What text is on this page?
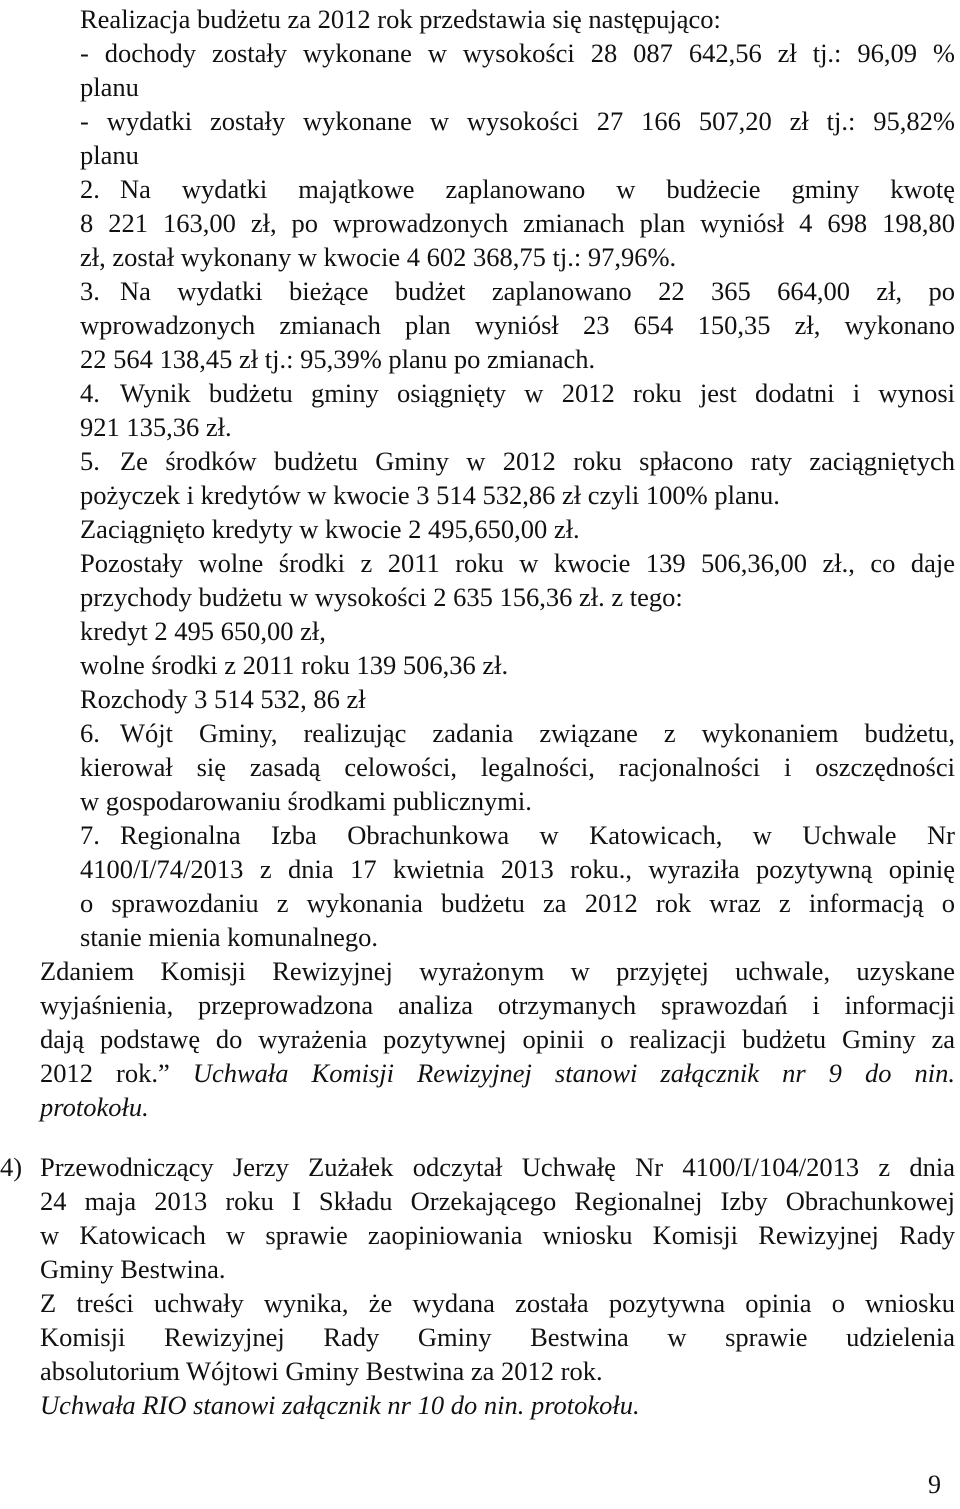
Realizacja budżetu za 2012 rok przedstawia się następująco:
- dochody zostały wykonane w wysokości 28 087 642,56 zł tj.: 96,09 %
planu
- wydatki zostały wykonane w wysokości 27 166 507,20 zł tj.: 95,82%
planu
2. Na wydatki majątkowe zaplanowano w budżecie gminy kwotę
8 221 163,00 zł, po wprowadzonych zmianach plan wyniósł 4 698 198,80
zł, został wykonany w kwocie 4 602 368,75 tj.: 97,96%.
3. Na wydatki bieżące budżet zaplanowano 22 365 664,00 zł, po
wprowadzonych zmianach plan wyniósł 23 654 150,35 zł, wykonano
22 564 138,45 zł tj.: 95,39% planu po zmianach.
4. Wynik budżetu gminy osiągnięty w 2012 roku jest dodatni i wynosi
921 135,36 zł.
5. Ze środków budżetu Gminy w 2012 roku spłacono raty zaciągniętych
pożyczek i kredytów w kwocie 3 514 532,86 zł czyli 100% planu.
Zaciągnięto kredyty w kwocie 2 495,650,00 zł.
Pozostały wolne środki z 2011 roku w kwocie 139 506,36,00 zł., co daje
przychody budżetu w wysokości 2 635 156,36 zł. z tego:
kredyt 2 495 650,00 zł,
wolne środki z 2011 roku 139 506,36 zł.
Rozchody 3 514 532, 86 zł
6. Wójt Gminy, realizując zadania związane z wykonaniem budżetu,
kierował się zasadą celowości, legalności, racjonalności i oszczędności
w gospodarowaniu środkami publicznymi.
7. Regionalna Izba Obrachunkowa w Katowicach, w Uchwale Nr
4100/I/74/2013 z dnia 17 kwietnia 2013 roku., wyraziła pozytywną opinię
o sprawozdaniu z wykonania budżetu za 2012 rok wraz z informacją o
stanie mienia komunalnego.
Zdaniem Komisji Rewizyjnej wyrażonym w przyjętej uchwale, uzyskane
wyjaśnienia, przeprowadzona analiza otrzymanych sprawozdań i informacji
dają podstawę do wyrażenia pozytywnej opinii o realizacji budżetu Gminy za
2012 rok.” Uchwała Komisji Rewizyjnej stanowi załącznik nr 9 do nin.
protokołu.
4) Przewodniczący Jerzy Zużałek odczytał Uchwałę Nr 4100/I/104/2013 z dnia
24 maja 2013 roku I Składu Orzekającego Regionalnej Izby Obrachunkowej
w Katowicach w sprawie zaopiniowania wniosku Komisji Rewizyjnej Rady
Gminy Bestwina.
Z treści uchwały wynika, że wydana została pozytywna opinia o wniosku
Komisji Rewizyjnej Rady Gminy Bestwina w sprawie udzielenia
absolutorium Wójtowi Gminy Bestwina za 2012 rok.
Uchwała RIO stanowi załącznik nr 10 do nin. protokołu.
9
